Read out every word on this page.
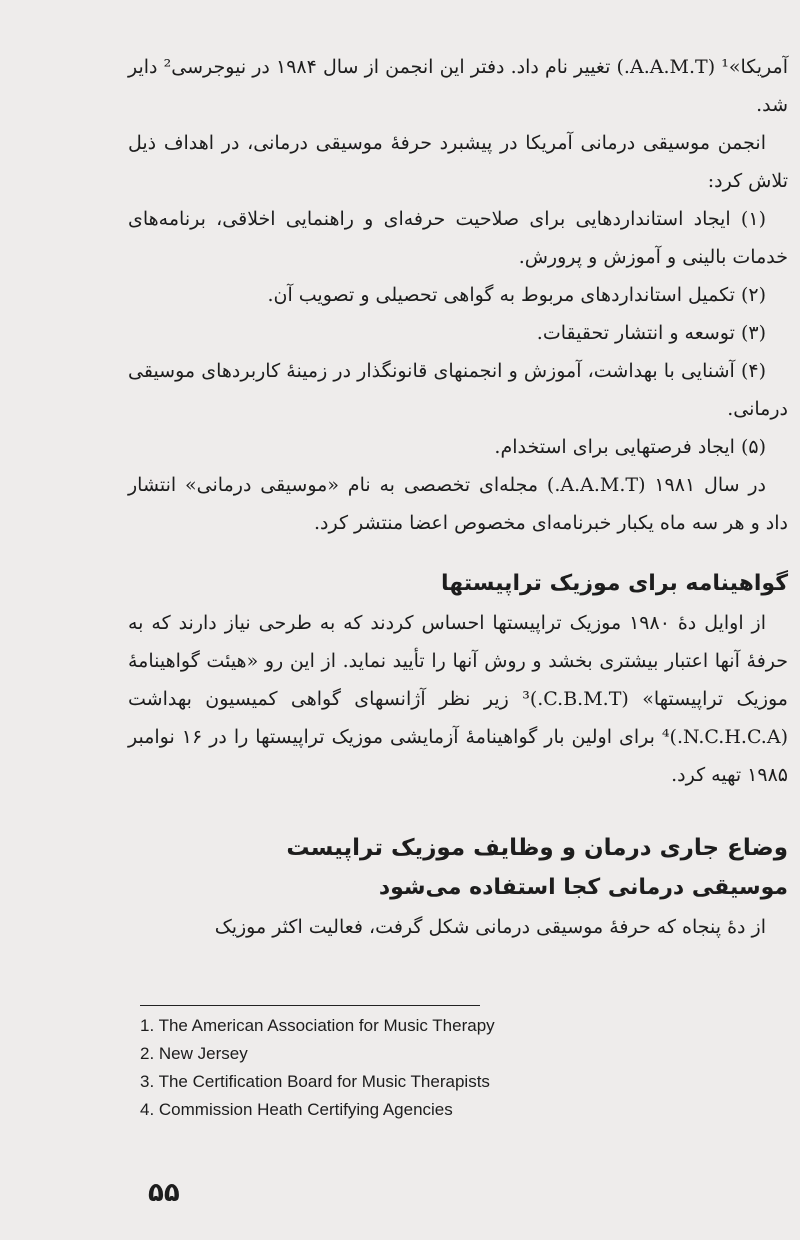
آمریکا»¹ (A.A.M.T.) تغییر نام داد. دفتر این انجمن از سال ۱۹۸۴ در نیوجرسی² دایر شد.

انجمن موسیقی درمانی آمریکا در پیشبرد حرفهٔ موسیقی درمانی، در اهداف ذیل تلاش کرد:

(۱) ایجاد استانداردهایی برای صلاحیت حرفه‌ای و راهنمایی اخلاقی، برنامه‌های خدمات بالینی و آموزش و پرورش.

(۲) تکمیل استانداردهای مربوط به گواهی تحصیلی و تصویب آن.

(۳) توسعه و انتشار تحقیقات.

(۴) آشنایی با بهداشت، آموزش و انجمنهای قانونگذار در زمینهٔ کاربردهای موسیقی درمانی.

(۵) ایجاد فرصتهایی برای استخدام.

در سال ۱۹۸۱ (A.A.M.T.) مجله‌ای تخصصی به نام «موسیقی درمانی» انتشار داد و هر سه ماه یکبار خبرنامه‌ای مخصوص اعضا منتشر کرد.

گواهینامه برای موزیک تراپیستها

از اوایل دهٔ ۱۹۸۰ موزیک تراپیستها احساس کردند که به طرحی نیاز دارند که به حرفهٔ آنها اعتبار بیشتری بخشد و روش آنها را تأیید نماید. از این رو «هیئت گواهینامهٔ موزیک تراپیستها» (C.B.M.T.)³ زیر نظر آژانسهای گواهی کمیسیون بهداشت (N.C.H.C.A.)⁴ برای اولین بار گواهینامهٔ آزمایشی موزیک تراپیستها را در ۱۶ نوامبر ۱۹۸۵ تهیه کرد.

وضاع جاری درمان و وظایف موزیک تراپیست
موسیقی درمانی کجا استفاده می‌شود

از دهٔ پنجاه که حرفهٔ موسیقی درمانی شکل گرفت، فعالیت اکثر موزیک

1. The American Association for Music Therapy
2. New Jersey
3. The Certification Board for Music Therapists
4. Commission Heath Certifying Agencies
۵۵
